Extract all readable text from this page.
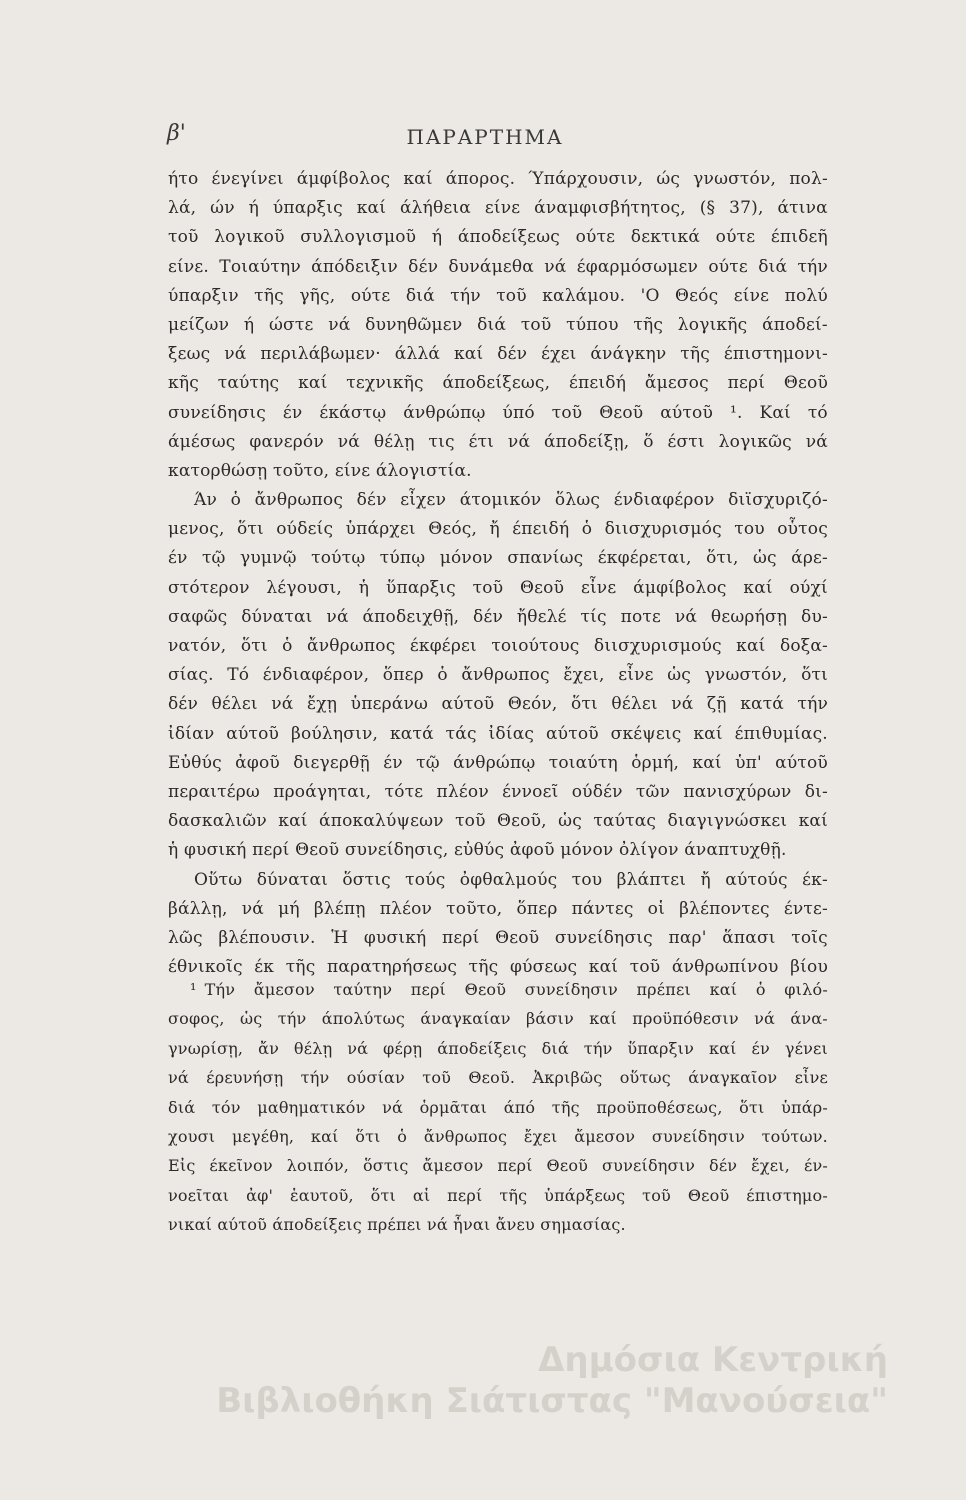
β'	ΠΑΡΑΡΤΗΜΑ
ήτο ένεγίνει άμφίβολος καί άπορος. Ύπάρχουσιν, ώς γνωστόν, πολ-
λά, ών ή ύπαρξις καί άλήθεια είνε άναμφισβήτητος, (§ 37), άτινα
τοῦ λογικοῦ συλλογισμοῦ ή άποδείξεως ούτε δεκτικά ούτε έπιδεῆ
είνε. Τοιαύτην άπόδειξιν δέν δυνάμεθα νά έφαρμόσωμεν ούτε διά τήν
ύπαρξιν τῆς γῆς, ούτε διά τήν τοῦ καλάμου. 'Ο Θεός είνε πολύ
μείζων ή ώστε νά δυνηθῶμεν διά τοῦ τύπου τῆς λογικῆς άποδεί-
ξεως νά περιλάβωμεν· άλλά καί δέν έχει άνάγκην τῆς έπιστημονι-
κῆς ταύτης καί τεχνικῆς άποδείξεως, έπειδή ἄμεσος περί Θεοῦ
συνείδησις έν έκάστῳ άνθρώπῳ ύπό τοῦ Θεοῦ αύτοῦ ¹. Καί τό
άμέσως φανερόν νά θέλῃ τις έτι νά άποδείξῃ, ὅ έστι λογικῶς νά
κατορθώσῃ τοῦτο, είνε άλογιστία.
Άν ὁ ἄνθρωπος δέν εἶχεν άτομικόν ὅλως ένδιαφέρον διϊσχυριζό-
μενος, ὅτι ούδείς ὑπάρχει Θεός, ἤ έπειδή ὁ διισχυρισμός του οὗτος
έν τῷ γυμνῷ τούτῳ τύπῳ μόνον σπανίως έκφέρεται, ὅτι, ὡς άρε-
στότερον λέγουσι, ἡ ὕπαρξις τοῦ Θεοῦ εἶνε άμφίβολος καί ούχί
σαφῶς δύναται νά άποδειχθῇ, δέν ἤθελέ τίς ποτε νά θεωρήσῃ δυ-
νατόν, ὅτι ὁ ἄνθρωπος έκφέρει τοιούτους διισχυρισμούς καί δοξα-
σίας. Τό ένδιαφέρον, ὅπερ ὁ ἄνθρωπος ἔχει, εἶνε ὡς γνωστόν, ὅτι
δέν θέλει νά ἔχῃ ὑπεράνω αύτοῦ Θεόν, ὅτι θέλει νά ζῇ κατά τήν
ἰδίαν αύτοῦ βούλησιν, κατά τάς ἰδίας αύτοῦ σκέψεις καί έπιθυμίας.
Εὐθύς ἀφοῦ διεγερθῇ έν τῷ άνθρώπῳ τοιαύτη ὁρμή, καί ὑπ' αύτοῦ
περαιτέρω προάγηται, τότε πλέον έννοεῖ ούδέν τῶν πανισχύρων δι-
δασκαλιῶν καί άποκαλύψεων τοῦ Θεοῦ, ὡς ταύτας διαγιγνώσκει καί
ἡ φυσική περί Θεοῦ συνείδησις, εὐθύς ἀφοῦ μόνον ὀλίγον άναπτυχθῇ.
Οὕτω δύναται ὅστις τούς ὀφθαλμούς του βλάπτει ἤ αύτούς έκ-
βάλλῃ, νά μή βλέπῃ πλέον τοῦτο, ὅπερ πάντες οἱ βλέποντες έντε-
λῶς βλέπουσιν. Ἡ φυσική περί Θεοῦ συνείδησις παρ' ἅπασι τοῖς
έθνικοῖς έκ τῆς παρατηρήσεως τῆς φύσεως καί τοῦ άνθρωπίνου βίου
¹ Τήν ἄμεσον ταύτην περί Θεοῦ συνείδησιν πρέπει καί ὁ φιλό-
σοφος, ὡς τήν άπολύτως άναγκαίαν βάσιν καί προϋπόθεσιν νά άνα-
γνωρίσῃ, ἄν θέλῃ νά φέρῃ άποδείξεις διά τήν ὕπαρξιν καί έν γένει
νά έρευνήσῃ τήν ούσίαν τοῦ Θεοῦ. Ἀκριβῶς οὕτως άναγκαῖον εἶνε
διά τόν μαθηματικόν νά ὁρμᾶται άπό τῆς προϋποθέσεως, ὅτι ὑπάρ-
χουσι μεγέθη, καί ὅτι ὁ ἄνθρωπος ἔχει ἄμεσον συνείδησιν τούτων.
Εἰς έκεῖνον λοιπόν, ὅστις ἄμεσον περί Θεοῦ συνείδησιν δέν ἔχει, έν-
νοεῖται ἀφ' ἑαυτοῦ, ὅτι αἱ περί τῆς ὑπάρξεως τοῦ Θεοῦ έπιστημο-
νικαί αύτοῦ άποδείξεις πρέπει νά ἦναι ἄνευ σημασίας.
Δημόσια Κεντρική
Βιβλιοθήκη Σιάτιστας "Μανούσεια"
